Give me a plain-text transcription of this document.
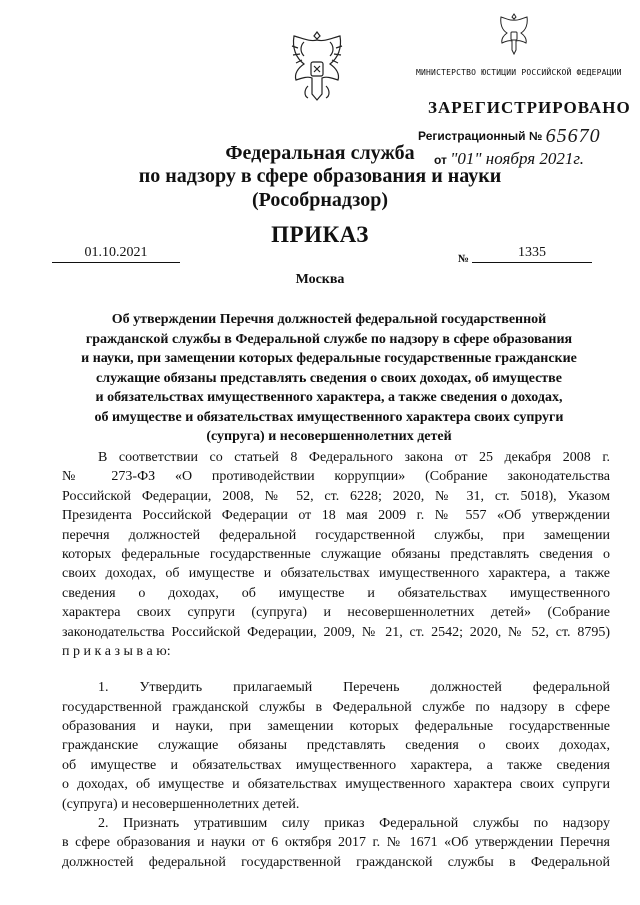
МИНИСТЕРСТВО ЮСТИЦИИ РОССИЙСКОЙ ФЕДЕРАЦИИ
ЗАРЕГИСТРИРОВАНО
Регистрационный № 65670
от "01" ноября 2021г.
Федеральная служба
по надзору в сфере образования и науки
(Рособрнадзор)
ПРИКАЗ
01.10.2021	№	1335
Москва
Об утверждении Перечня должностей федеральной государственной
гражданской службы в Федеральной службе по надзору в сфере образования
и науки, при замещении которых федеральные государственные гражданские
служащие обязаны представлять сведения о своих доходах, об имуществе
и обязательствах имущественного характера, а также сведения о доходах,
об имуществе и обязательствах имущественного характера своих супруги
(супруга) и несовершеннолетних детей
В соответствии со статьей 8 Федерального закона от 25 декабря 2008 г.
№ 273-ФЗ «О противодействии коррупции» (Собрание законодательства
Российской Федерации, 2008, № 52, ст. 6228; 2020, № 31, ст. 5018), Указом
Президента Российской Федерации от 18 мая 2009 г. № 557 «Об утверждении
перечня должностей федеральной государственной службы, при замещении
которых федеральные государственные служащие обязаны представлять сведения о
своих доходах, об имуществе и обязательствах имущественного характера, а также
сведения о доходах, об имуществе и обязательствах имущественного
характера своих супруги (супруга) и несовершеннолетних детей» (Собрание
законодательства Российской Федерации, 2009, № 21, ст. 2542; 2020, № 52, ст. 8795)
п р и к а з ы в а ю:
1. Утвердить прилагаемый Перечень должностей федеральной
государственной гражданской службы в Федеральной службе по надзору в сфере
образования и науки, при замещении которых федеральные государственные
гражданские служащие обязаны представлять сведения о своих доходах,
об имуществе и обязательствах имущественного характера, а также сведения
о доходах, об имуществе и обязательствах имущественного характера своих супруги
(супруга) и несовершеннолетних детей.
2. Признать утратившим силу приказ Федеральной службы по надзору
в сфере образования и науки от 6 октября 2017 г. № 1671 «Об утверждении Перечня
должностей федеральной государственной гражданской службы в Федеральной
